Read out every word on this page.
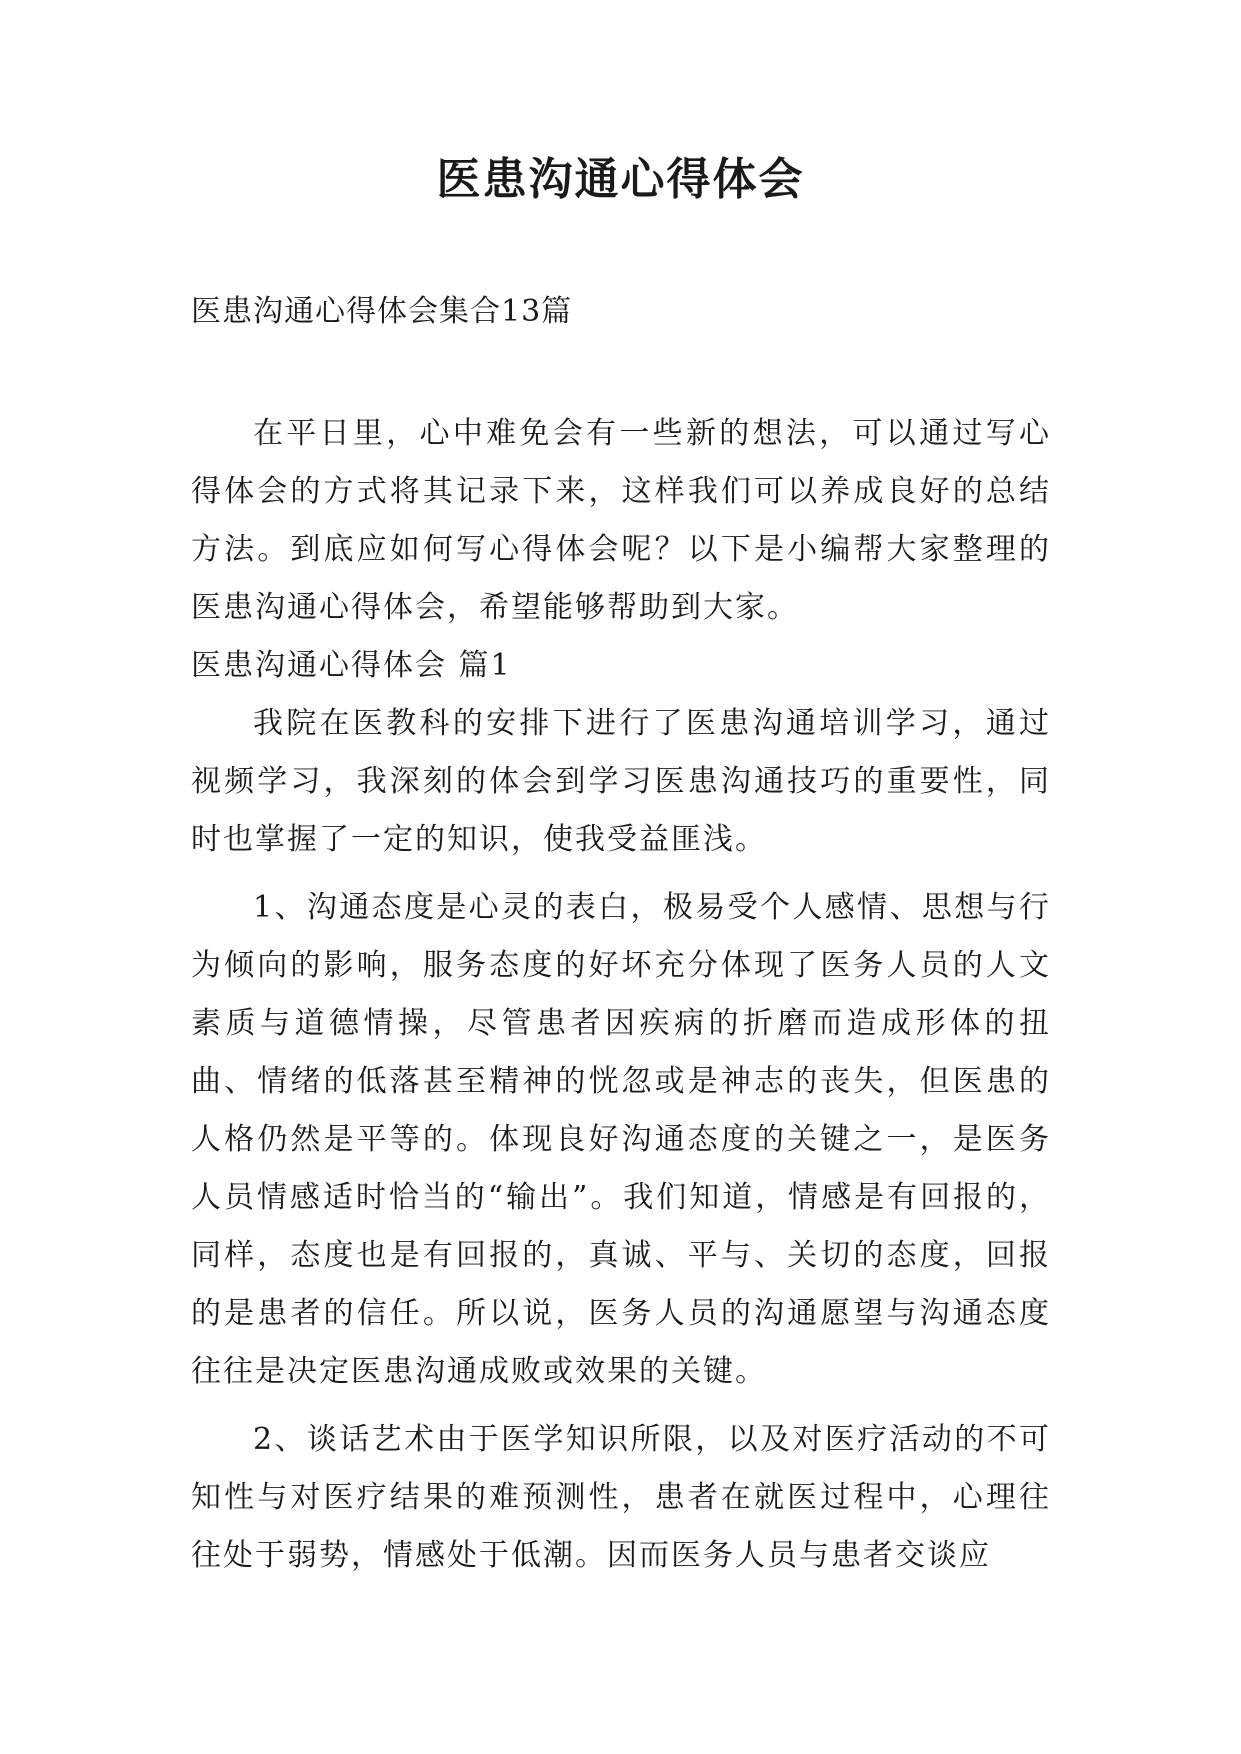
医患沟通心得体会

医患沟通心得体会集合13篇

在平日里，心中难免会有一些新的想法，可以通过写心得体会的方式将其记录下来，这样我们可以养成良好的总结方法。到底应如何写心得体会呢？以下是小编帮大家整理的医患沟通心得体会，希望能够帮助到大家。

医患沟通心得体会 篇1

我院在医教科的安排下进行了医患沟通培训学习，通过视频学习，我深刻的体会到学习医患沟通技巧的重要性，同时也掌握了一定的知识，使我受益匪浅。

1、沟通态度是心灵的表白，极易受个人感情、思想与行为倾向的影响，服务态度的好坏充分体现了医务人员的人文素质与道德情操，尽管患者因疾病的折磨而造成形体的扭曲、情绪的低落甚至精神的恍忽或是神志的丧失，但医患的人格仍然是平等的。体现良好沟通态度的关键之一，是医务人员情感适时恰当的“输出”。我们知道，情感是有回报的，同样，态度也是有回报的，真诚、平与、关切的态度，回报的是患者的信任。所以说，医务人员的沟通愿望与沟通态度往往是决定医患沟通成败或效果的关键。

2、谈话艺术由于医学知识所限，以及对医疗活动的不可知性与对医疗结果的难预测性，患者在就医过程中，心理往往处于弱势，情感处于低潮。因而医务人员与患者交谈应
